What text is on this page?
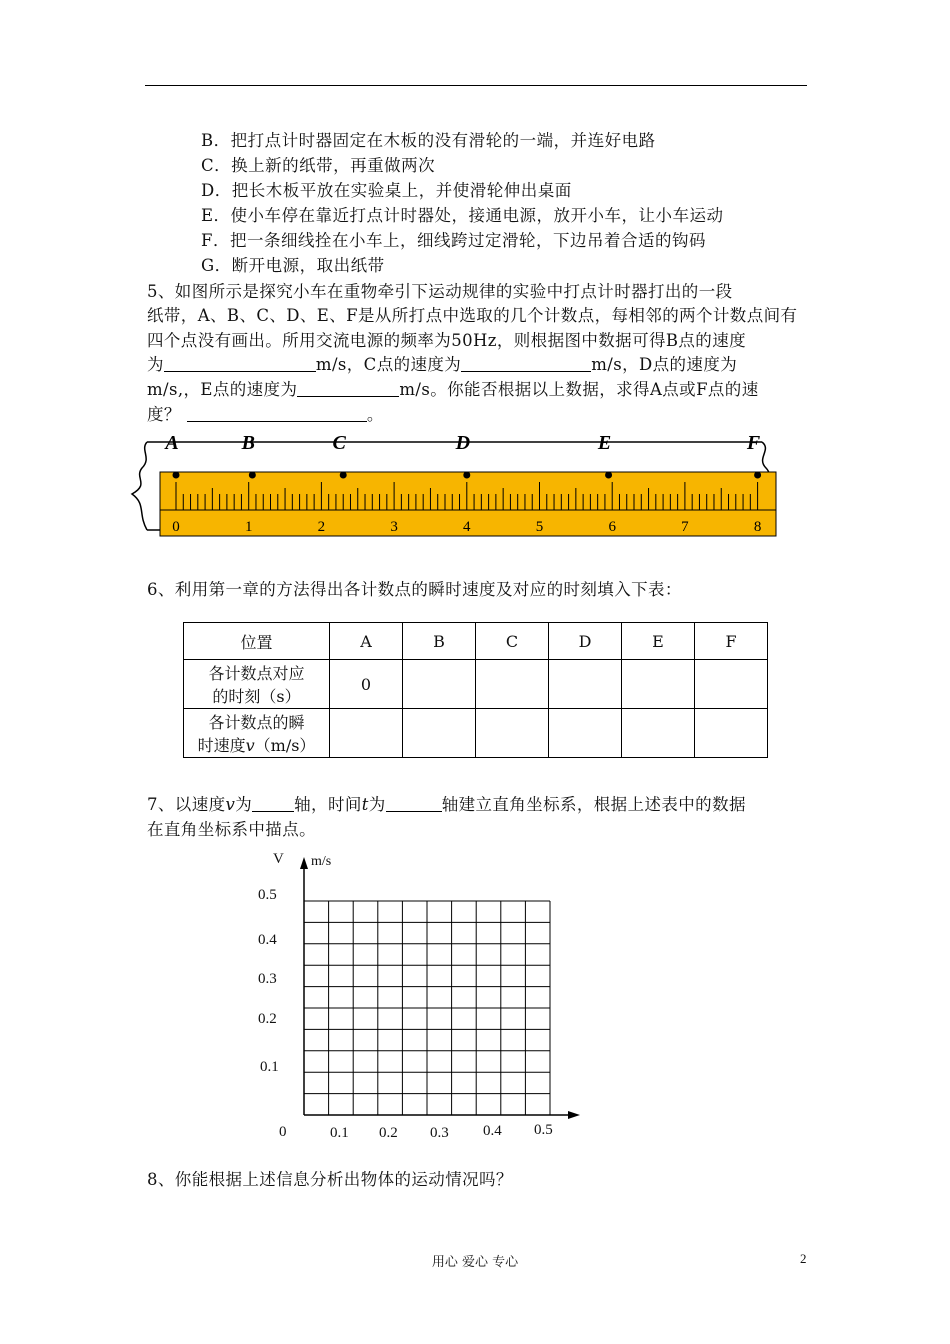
B．把打点计时器固定在木板的没有滑轮的一端，并连好电路
C．换上新的纸带，再重做两次
D．把长木板平放在实验桌上，并使滑轮伸出桌面
E．使小车停在靠近打点计时器处，接通电源，放开小车，让小车运动
F．把一条细线拴在小车上，细线跨过定滑轮，下边吊着合适的钩码
G．断开电源，取出纸带
5、如图所示是探究小车在重物牵引下运动规律的实验中打点计时器打出的一段
纸带，A、B、C、D、E、F是从所打点中选取的几个计数点，每相邻的两个计数点间有
四个点没有画出。所用交流电源的频率为50Hz，则根据图中数据可得B点的速度
为	m/s，C点的速度为	m/s，D点的速度为
m/s,，E点的速度为	m/s。你能否根据以上数据，求得A点或F点的速
度？	。
0	1	2	3	4	5	6	7	8
A	B	C	D	E	F
6、利用第一章的方法得出各计数点的瞬时速度及对应的时刻填入下表：
位置	A	B	C	D	E	F

各计数点对应
的时刻（s）	0					

各计数点的瞬
时速度v（m/s）						

7、以速度v为	轴，时间t为	轴建立直角坐标系，根据上述表中的数据
在直角坐标系中描点。
V m/s
0.5
0.4
0.3
0.2
0.1
0	0.1 0.2 0.3 0.4 0.5
8、你能根据上述信息分析出物体的运动情况吗？
用心 爱心 专心	2
